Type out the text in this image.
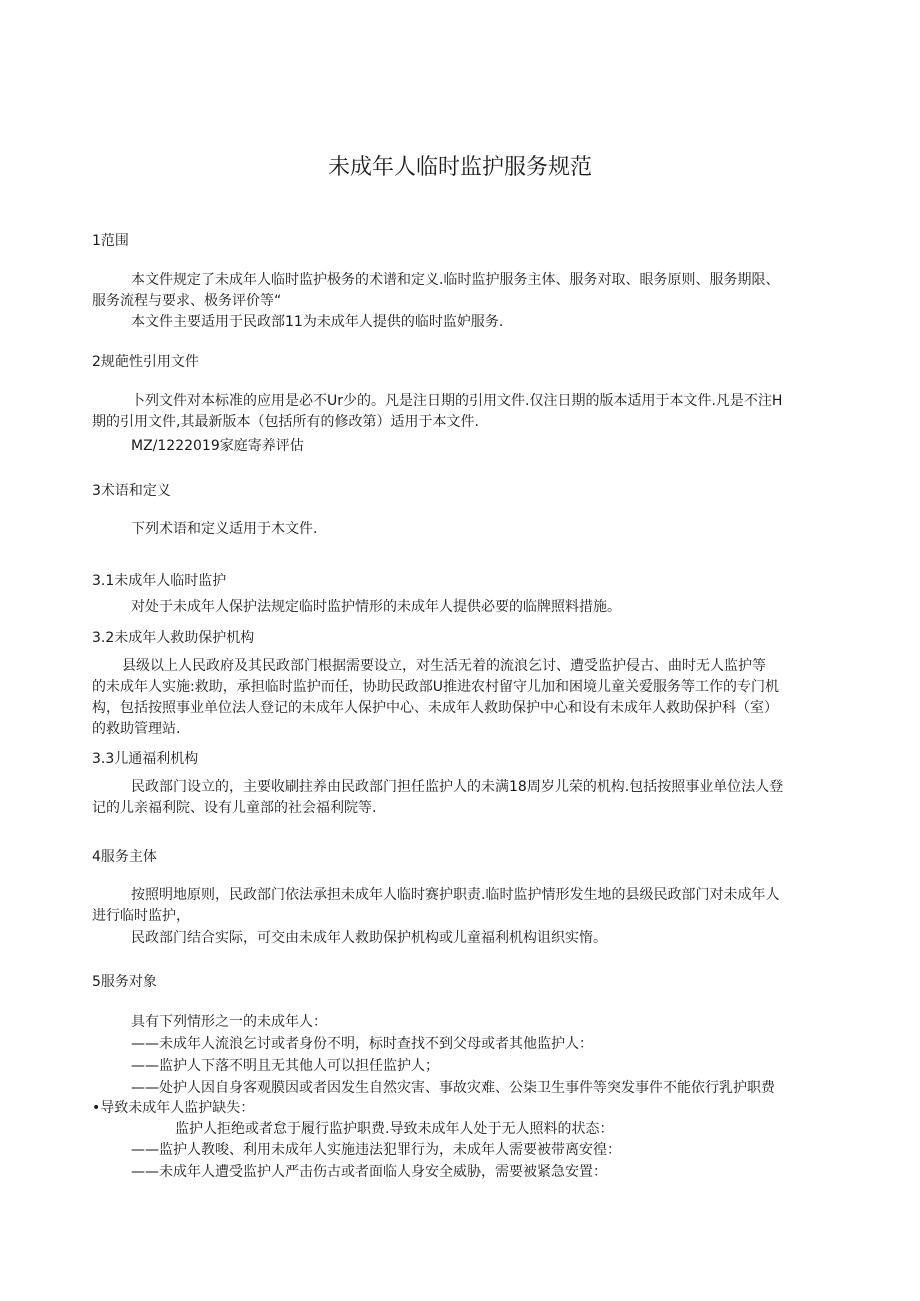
未成年人临时监护服务规范
1范围
本文件规定了未成年人临时监护极务的术谱和定义.临时监护服务主体、服务对取、眼务原则、服务期限、
服务流程与要求、极务评价等“
本文件主要适用于民政部11为未成年人提供的临时监妒服务.
2规葩性引用文件
卜列文件对本标准的应用是必不Ur少的。凡是注日期的引用文件.仅注日期的版本适用于本文件.凡是不注H
期的引用文件,其最新版本（包括所有的修改第）适用于本文件.
MZ/1222019家庭寄养评估
3术语和定义
下列术语和定义适用于木文件.
3.1未成年人临时监护
对处于未成年人保护法规定临时监护情形的未成年人提供必要的临牌照料措施。
3.2未成年人救助保护机构
县级以上人民政府及其民政部门根据需要设立，对生活无着的流浪乞讨、遭受监护侵古、曲时无人监护等
的未成年人实施:救助，承担临时监护而任，协助民政部U推进农村留守儿加和困境儿童关爱服务等工作的专门机
构，包括按照事业单位法人登记的未成年人保护中心、未成年人救助保护中心和设有未成年人救助保护科（室）
的救助管理站.
3.3儿通福利机构
民政部门设立的，主要收刷拄养由民政部门担任监护人的未满18周岁儿荣的机构.包括按照事业单位法人登
记的儿亲福利院、设有儿童部的社会福利院等.
4服务主体
按照明地原则，民政部门依法承担未成年人临时赛护职责.临时监护情形发生地的县级民政部门对未成年人
进行临时监护，
民政部门结合实际，可交由未成年人救助保护机构或儿童福利机构诅织实惰。
5服务对象
具有下列情形之一的未成年人：
——未成年人流浪乞讨或者身份不明，标时查找不到父母或者其他监护人：
——监护人下落不明且无其他人可以担任监护人；
——处护人因自身客观膜因或者因发生自然灾害、事故灾难、公柒卫生事件等突发事件不能依行乳护职费
•导致未成年人监护缺失：
监护人拒绝或者怠于履行监护职费.导致未成年人处于无人照料的状态：
——监护人教唆、利用未成年人实施违法犯罪行为，未成年人需要被带离安徨：
——未成年人遭受监护人严击伤古或者面临人身安全威胁，需要被紧急安置：
